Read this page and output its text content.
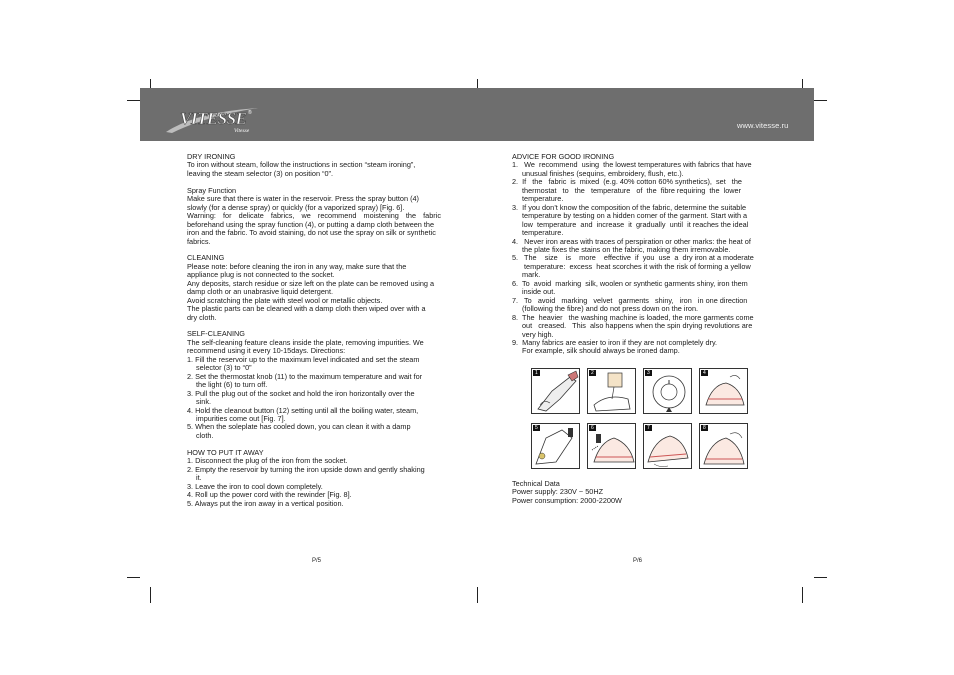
VITESSE ®
Vitesse
www.vitesse.ru

DRY IRONING

To iron without steam, follow the instructions in section “steam ironing”,

leaving the steam selector (3) on position “0”.

Spray Function

Make sure that there is water in the reservoir. Press the spray button (4)

slowly (for a dense spray) or quickly (for a vaporized spray) [Fig. 6].

Warning: for delicate fabrics, we recommend moistening the fabric

beforehand using the spray function (4), or putting a damp cloth between the

iron and the fabric. To avoid staining, do not use the spray on silk or synthetic

fabrics.

CLEANING

Please note: before cleaning the iron in any way, make sure that the

appliance plug is not connected to the socket.

Any deposits, starch residue or size left on the plate can be removed using a

damp cloth or an unabrasive liquid detergent.

Avoid scratching the plate with steel wool or metallic objects.

The plastic parts can be cleaned with a damp cloth then wiped over with a

dry cloth.

SELF-CLEANING

The self-cleaning feature cleans inside the plate, removing impurities. We

recommend using it every 10-15days. Directions:

1. Fill the reservoir up to the maximum level indicated and set the steam

selector (3) to “0”

2. Set the thermostat knob (11) to the maximum temperature and wait for

the light (6) to turn off.

3. Pull the plug out of the socket and hold the iron horizontally over the

sink.

4. Hold the cleanout button (12) setting until all the boiling water, steam,

impurities come out [Fig. 7].

5. When the soleplate has cooled down, you can clean it with a damp

cloth.

HOW TO PUT IT AWAY

1. Disconnect the plug of the iron from the socket.

2. Empty the reservoir by turning the iron upside down and gently shaking

it.

3. Leave the iron to cool down completely.

4. Roll up the power cord with the rewinder [Fig. 8].

5. Always put the iron away in a vertical position.

P/5

ADVICE FOR GOOD IRONING

1.   We  recommend  using  the lowest temperatures with fabrics that have

unusual finishes (sequins, embroidery, flush, etc.).

2.  If   the   fabric  is  mixed  (e.g. 40% cotton 60% synthetics),  set   the

thermostat   to   the   temperature   of  the  fibre requiring  the  lower

temperature.

3.  If you don’t know the composition of the fabric, determine the suitable

temperature by testing on a hidden corner of the garment. Start with a

low  temperature  and  increase  it  gradually  until  it reaches the ideal

temperature.

4.   Never iron areas with traces of perspiration or other marks: the heat of

the plate fixes the stains on the fabric, making them irremovable.

5.   The    size    is    more    effective  if  you  use  a  dry iron at a moderate

temperature:  excess  heat scorches it with the risk of forming a yellow

mark.

6.  To  avoid  marking  silk, woolen or synthetic garments shiny, iron them

inside out.

7.   To   avoid   marking   velvet   garments   shiny,   iron   in one direction

(following the fibre) and do not press down on the iron.

8.  The  heavier   the washing machine is loaded, the more garments come

out   creased.   This  also happens when the spin drying revolutions are

very high.

9.  Many fabrics are easier to iron if they are not completely dry.

For example, silk should always be ironed damp.

1	2	3	4
5	6	7	8

Technical Data

Power supply: 230V ~ 50HZ

Power consumption: 2000-2200W

P/6
